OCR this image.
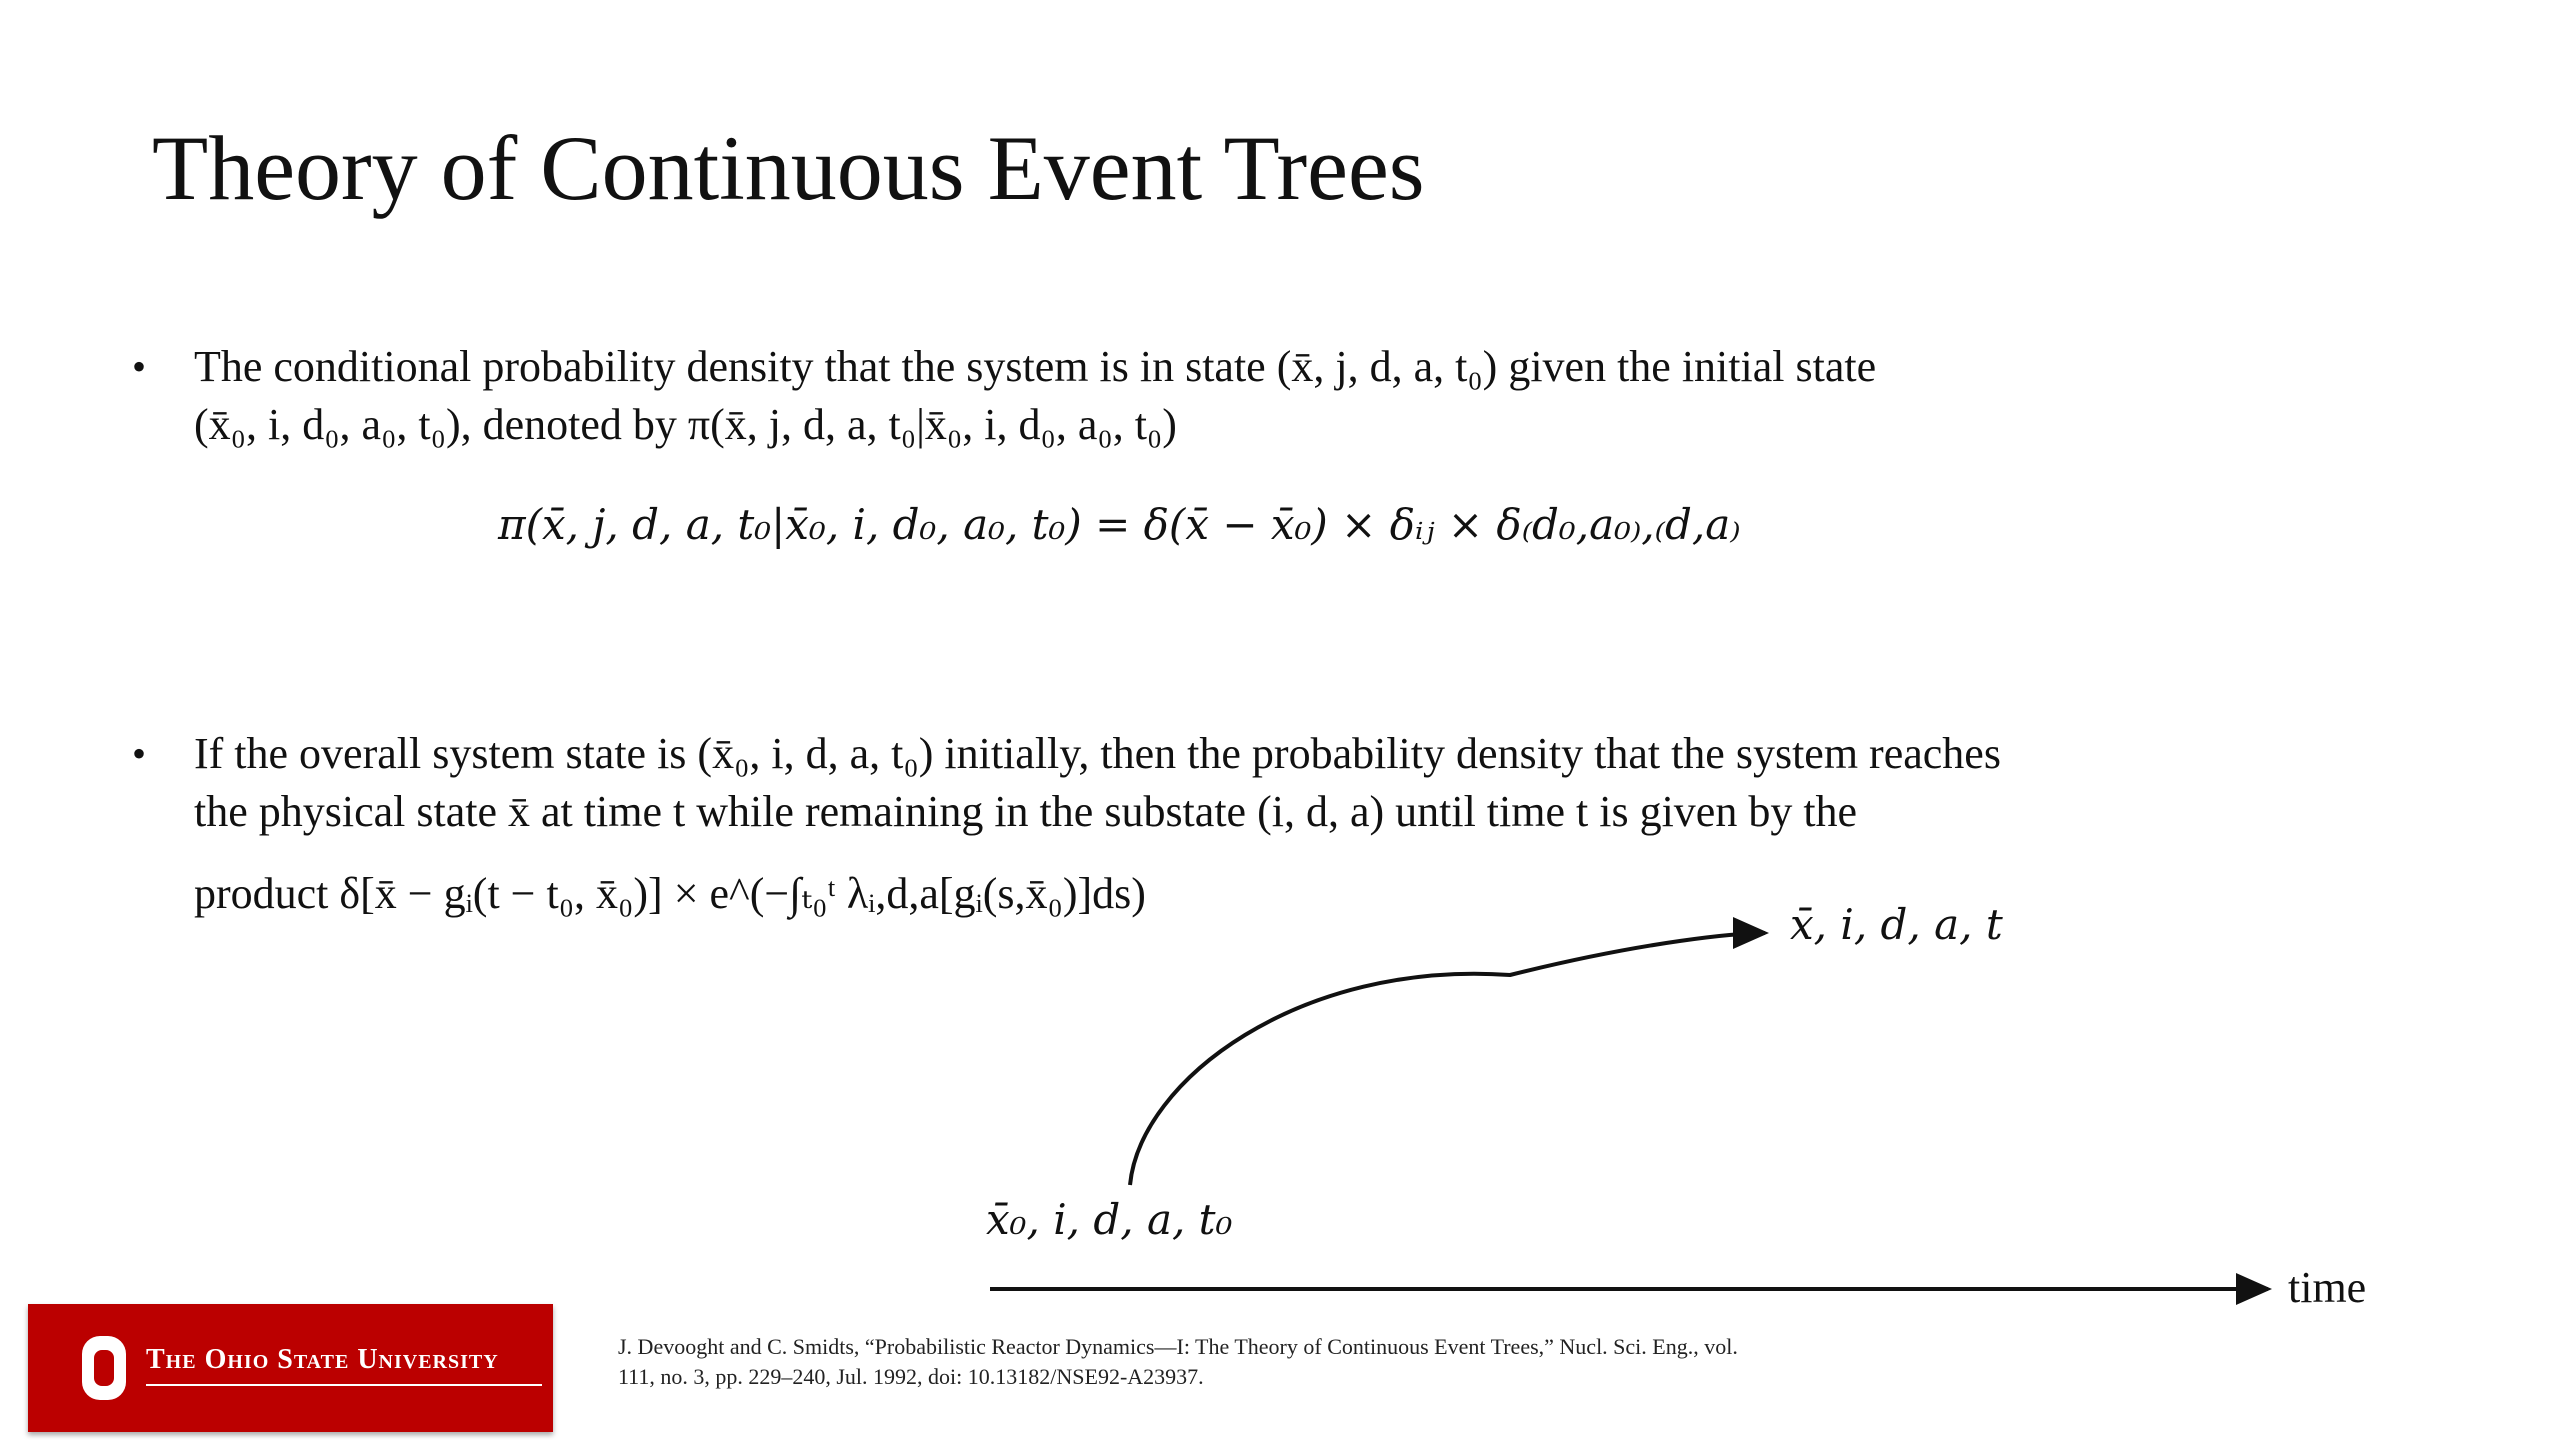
Theory of Continuous Event Trees
• The conditional probability density that the system is in state (x̄, j, d, a, t₀) given the initial state
(x̄₀, i, d₀, a₀, t₀), denoted by π(x̄, j, d, a, t₀|x̄₀, i, d₀, a₀, t₀)
π(x̄, j, d, a, t₀|x̄₀, i, d₀, a₀, t₀) = δ(x̄ − x̄₀) × δᵢⱼ × δ₍d₀,a₀₎,₍d,a₎
• If the overall system state is (x̄₀, i, d, a, t₀) initially, then the probability density that the system reaches
the physical state x̄ at time t while remaining in the substate (i, d, a) until time t is given by the
product δ[x̄ − gᵢ(t − t₀, x̄₀)] × e^(−∫ₜ₀ᵗ λᵢ,d,a[gᵢ(s,x̄₀)]ds)
x̄, i, d, a, t
x̄₀, i, d, a, t₀
time
The Ohio State University	J. Devooght and C. Smidts, “Probabilistic Reactor Dynamics—I: The Theory of Continuous Event Trees,” Nucl. Sci. Eng., vol.
111, no. 3, pp. 229–240, Jul. 1992, doi: 10.13182/NSE92-A23937.
